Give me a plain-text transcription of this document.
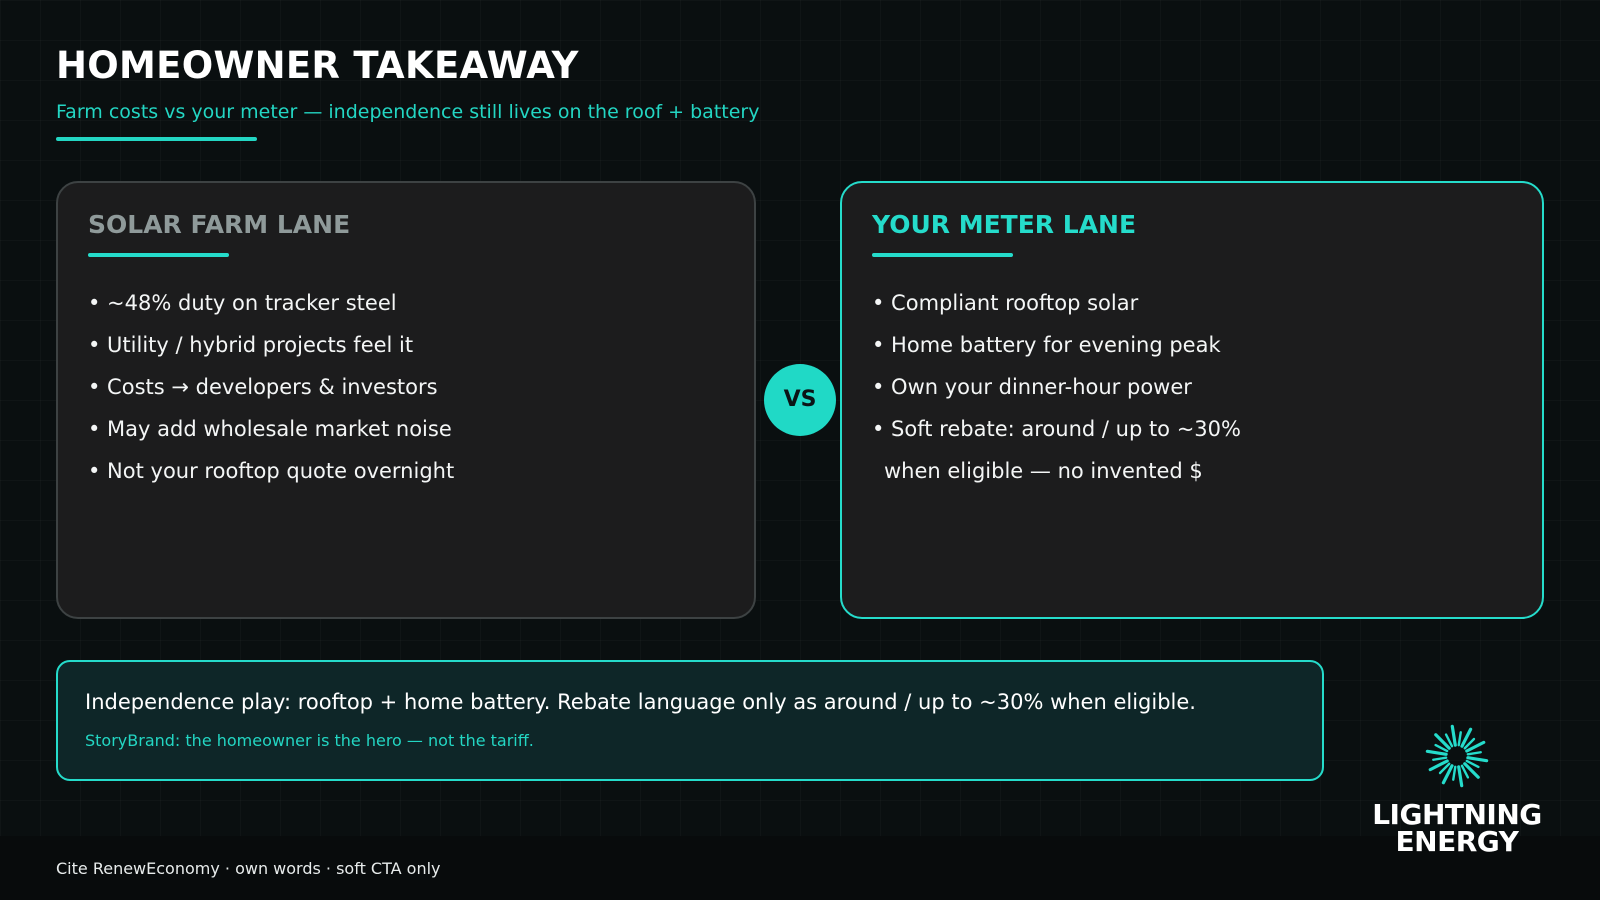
HOMEOWNER TAKEAWAY
Farm costs vs your meter — independence still lives on the roof + battery
SOLAR FARM LANE
• ~48% duty on tracker steel
• Utility / hybrid projects feel it
• Costs → developers & investors
• May add wholesale market noise
• Not your rooftop quote overnight
VS
YOUR METER LANE
• Compliant rooftop solar
• Home battery for evening peak
• Own your dinner-hour power
• Soft rebate: around / up to ~30%
when eligible — no invented $
Independence play: rooftop + home battery. Rebate language only as around / up to ~30% when eligible.
StoryBrand: the homeowner is the hero — not the tariff.
Cite RenewEconomy · own words · soft CTA only
LIGHTNING
ENERGY
